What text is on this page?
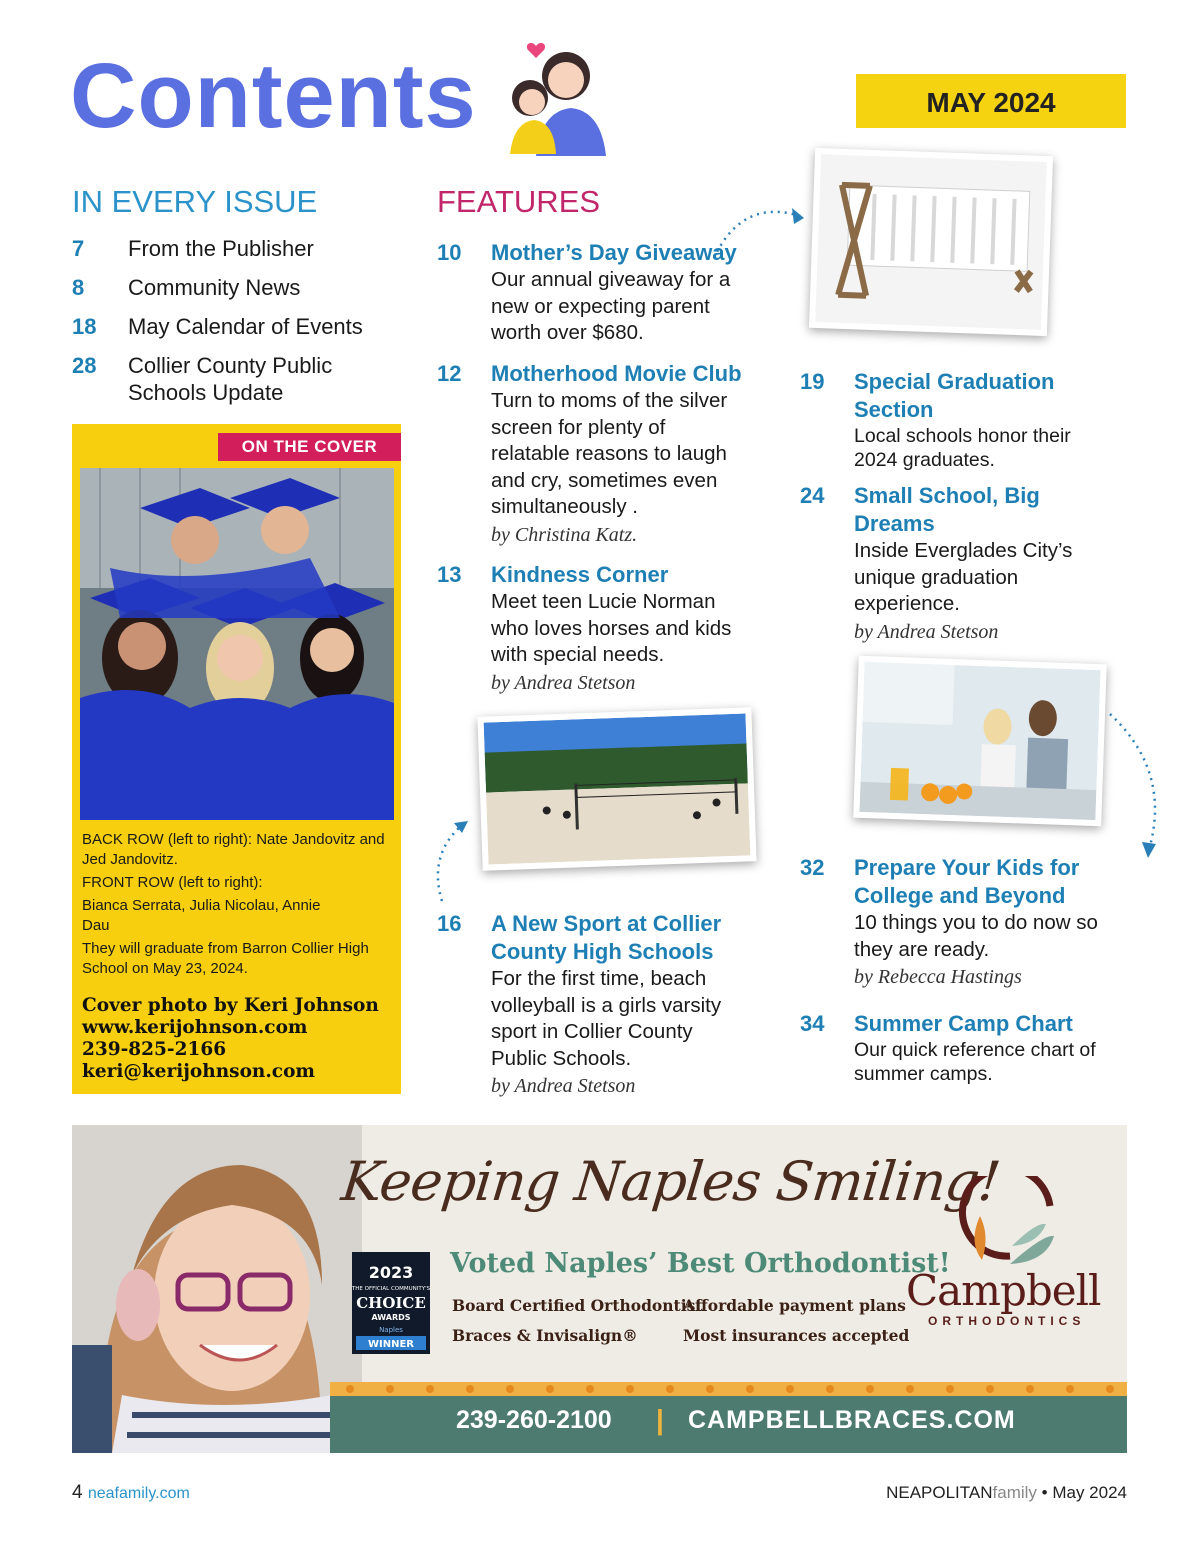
Contents	MAY 2024
IN EVERY ISSUE	FEATURES
7	From the Publisher
8	Community News
18	May Calendar of Events
28	Collier County Public Schools Update
ON THE COVER
BACK ROW (left to right): Nate Jandovitz and Jed Jandovitz.
FRONT ROW (left to right):
Bianca Serrata, Julia Nicolau, Annie Dau
They will graduate from Barron Collier High School on May 23, 2024.
Cover photo by Keri Johnson
www.kerijohnson.com
239-825-2166
keri@kerijohnson.com
10 Mother’s Day Giveaway
Our annual giveaway for a new or expecting parent worth over $680.
12 Motherhood Movie Club
Turn to moms of the silver screen for plenty of relatable reasons to laugh and cry, sometimes even simultaneously .
by Christina Katz.
13 Kindness Corner
Meet teen Lucie Norman who loves horses and kids with special needs.
by Andrea Stetson
16 A New Sport at Collier County High Schools
For the first time, beach volleyball is a girls varsity sport in Collier County Public Schools.
by Andrea Stetson
19 Special Graduation Section
Local schools honor their 2024 graduates.
24 Small School, Big Dreams
Inside Everglades City’s unique graduation experience.
by Andrea Stetson
32 Prepare Your Kids for College and Beyond
10 things you to do now so they are ready.
by Rebecca Hastings
34 Summer Camp Chart
Our quick reference chart of summer camps.
Keeping Naples Smiling!
2023
THE OFFICIAL COMMUNITY'S
CHOICE
AWARDS
Naples
WINNER
Voted Naples’ Best Orthodontist!
Board Certified Orthodontist
Affordable payment plans
Braces & Invisalign®	Most insurances accepted
Campbell
ORTHODONTICS
239-260-2100 | CAMPBELLBRACES.COM
4 neafamily.com	NEAPOLITANfamily • May 2024
